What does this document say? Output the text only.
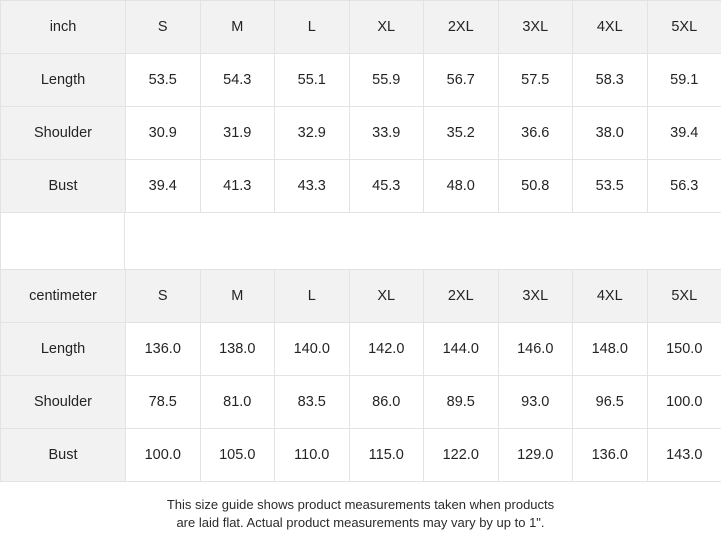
inch	S	M	L	XL	2XL	3XL	4XL	5XL
Length	53.5	54.3	55.1	55.9	56.7	57.5	58.3	59.1
Shoulder	30.9	31.9	32.9	33.9	35.2	36.6	38.0	39.4
Bust	39.4	41.3	43.3	45.3	48.0	50.8	53.5	56.3
centimeter	S	M	L	XL	2XL	3XL	4XL	5XL
Length	136.0	138.0	140.0	142.0	144.0	146.0	148.0	150.0
Shoulder	78.5	81.0	83.5	86.0	89.5	93.0	96.5	100.0
Bust	100.0	105.0	110.0	115.0	122.0	129.0	136.0	143.0
This size guide shows product measurements taken when products
are laid flat. Actual product measurements may vary by up to 1".
